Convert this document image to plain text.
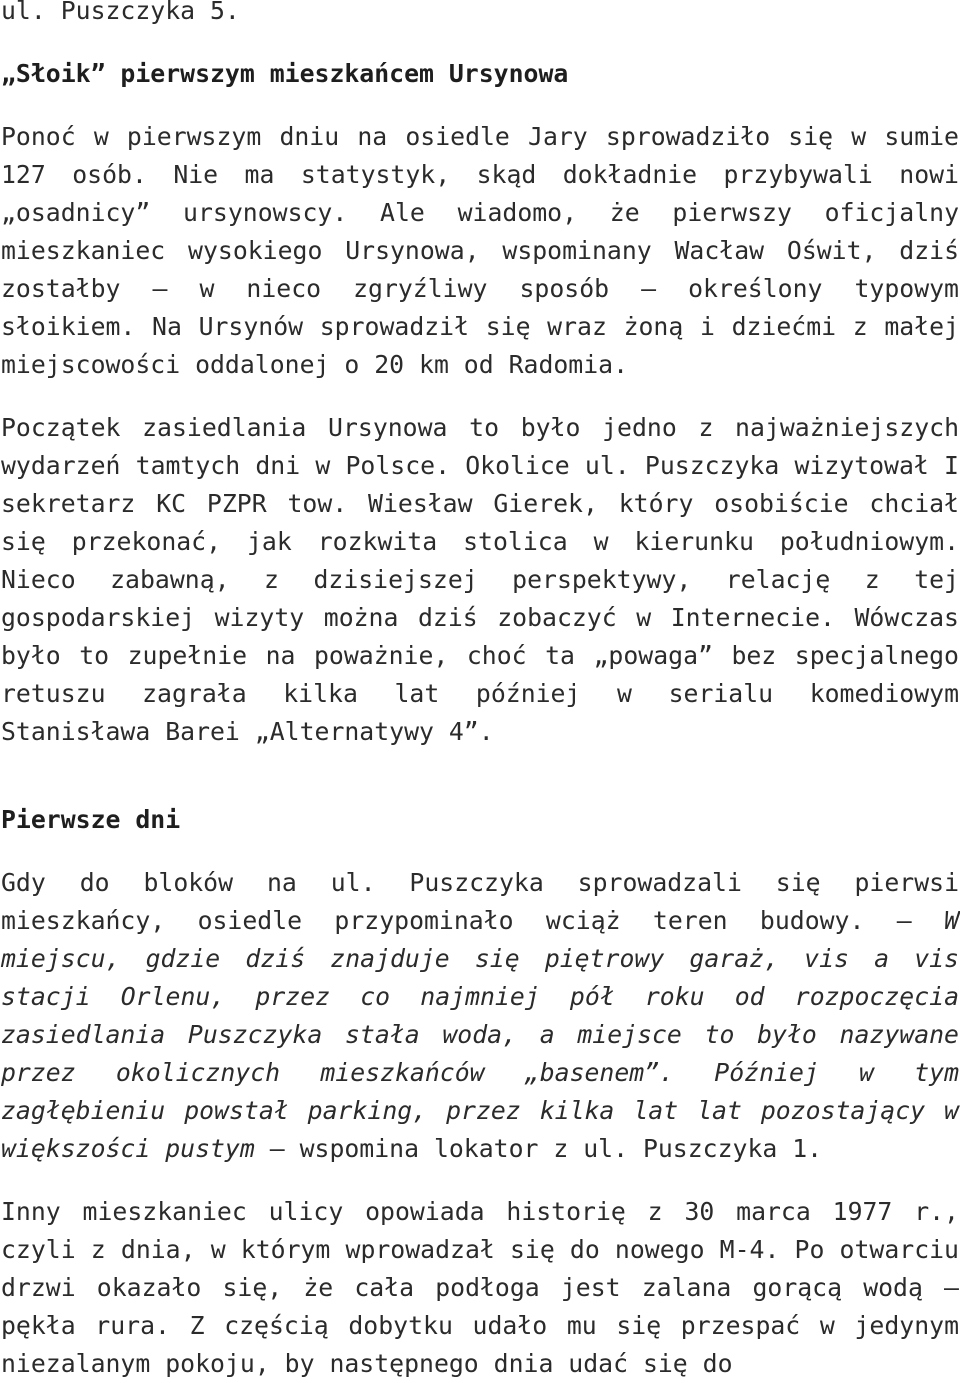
ul. Puszczyka 5.

„Słoik” pierwszym mieszkańcem Ursynowa

Ponoć w pierwszym dniu na osiedle Jary sprowadziło się w sumie 127 osób. Nie ma statystyk, skąd dokładnie przybywali nowi „osadnicy” ursynowscy. Ale wiadomo, że pierwszy oficjalny mieszkaniec wysokiego Ursynowa, wspominany Wacław Oświt, dziś zostałby – w nieco zgryźliwy sposób – określony typowym słoikiem. Na Ursynów sprowadził się wraz żoną i dziećmi z małej miejscowości oddalonej o 20 km od Radomia.

Początek zasiedlania Ursynowa to było jedno z najważniejszych wydarzeń tamtych dni w Polsce. Okolice ul. Puszczyka wizytował I sekretarz KC PZPR tow. Wiesław Gierek, który osobiście chciał się przekonać, jak rozkwita stolica w kierunku południowym. Nieco zabawną, z dzisiejszej perspektywy, relację z tej gospodarskiej wizyty można dziś zobaczyć w Internecie. Wówczas było to zupełnie na poważnie, choć ta „powaga” bez specjalnego retuszu zagrała kilka lat później w serialu komediowym Stanisława Barei „Alternatywy 4”.

Pierwsze dni

Gdy do bloków na ul. Puszczyka sprowadzali się pierwsi mieszkańcy, osiedle przypominało wciąż teren budowy. – W miejscu, gdzie dziś znajduje się piętrowy garaż, vis a vis stacji Orlenu, przez co najmniej pół roku od rozpoczęcia zasiedlania Puszczyka stała woda, a miejsce to było nazywane przez okolicznych mieszkańców „basenem”. Później w tym zagłębieniu powstał parking, przez kilka lat lat pozostający w większości pustym – wspomina lokator z ul. Puszczyka 1.

Inny mieszkaniec ulicy opowiada historię z 30 marca 1977 r., czyli z dnia, w którym wprowadzał się do nowego M-4. Po otwarciu drzwi okazało się, że cała podłoga jest zalana gorącą wodą – pękła rura. Z częścią dobytku udało mu się przespać w jedynym niezalanym pokoju, by następnego dnia udać się do
